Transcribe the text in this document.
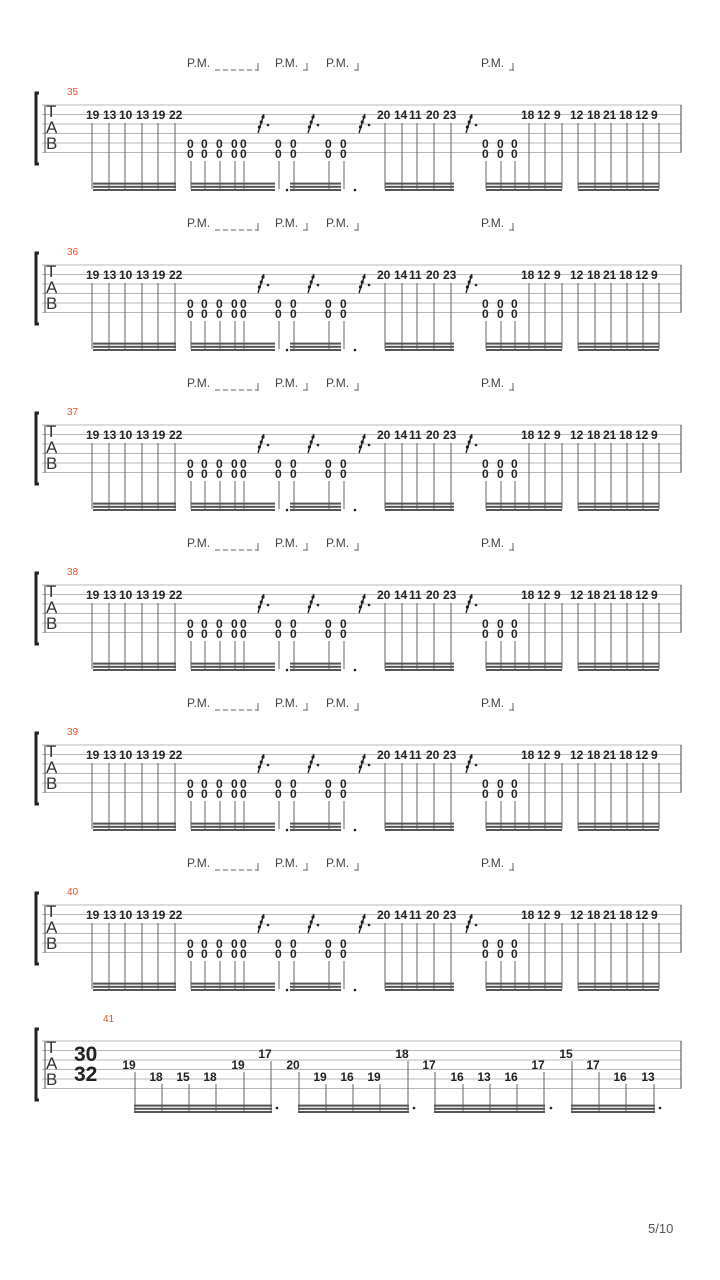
T
A
B
35
P.M.	P.M. P.M.	P.M.
19 13 10 13 19 22
0
0
0
0
0
0
0
0
0
0
0
0
0
0
0
0
0
0
20 14 11 20 23
0
0
0
0
0
0
18 12 9 12 18 21 18 12 9
T
A
B
36
P.M.	P.M. P.M.	P.M.
19 13 10 13 19 22
0
0
0
0
0
0
0
0
0
0
0
0
0
0
0
0
0
0
20 14 11 20 23
0
0
0
0
0
0
18 12 9 12 18 21 18 12 9
T
A
B
37
P.M.	P.M. P.M.	P.M.
19 13 10 13 19 22
0
0
0
0
0
0
0
0
0
0
0
0
0
0
0
0
0
0
20 14 11 20 23
0
0
0
0
0
0
18 12 9 12 18 21 18 12 9
T
A
B
38
P.M.	P.M. P.M.	P.M.
19 13 10 13 19 22
0
0
0
0
0
0
0
0
0
0
0
0
0
0
0
0
0
0
20 14 11 20 23
0
0
0
0
0
0
18 12 9 12 18 21 18 12 9
T
A
B
39
P.M.	P.M. P.M.	P.M.
19 13 10 13 19 22
0
0
0
0
0
0
0
0
0
0
0
0
0
0
0
0
0
0
20 14 11 20 23
0
0
0
0
0
0
18 12 9 12 18 21 18 12 9
T
A
B
40
P.M.	P.M. P.M.	P.M.
19 13 10 13 19 22
0
0
0
0
0
0
0
0
0
0
0
0
0
0
0
0
0
0
20 14 11 20 23
0
0
0
0
0
0
18 12 9 12 18 21 18 12 9
T
A
B
41
30
32 19
18 15 18
19
17
20
19 16 19
18
17
16 13 16
17
15
17
16 13
5/10
